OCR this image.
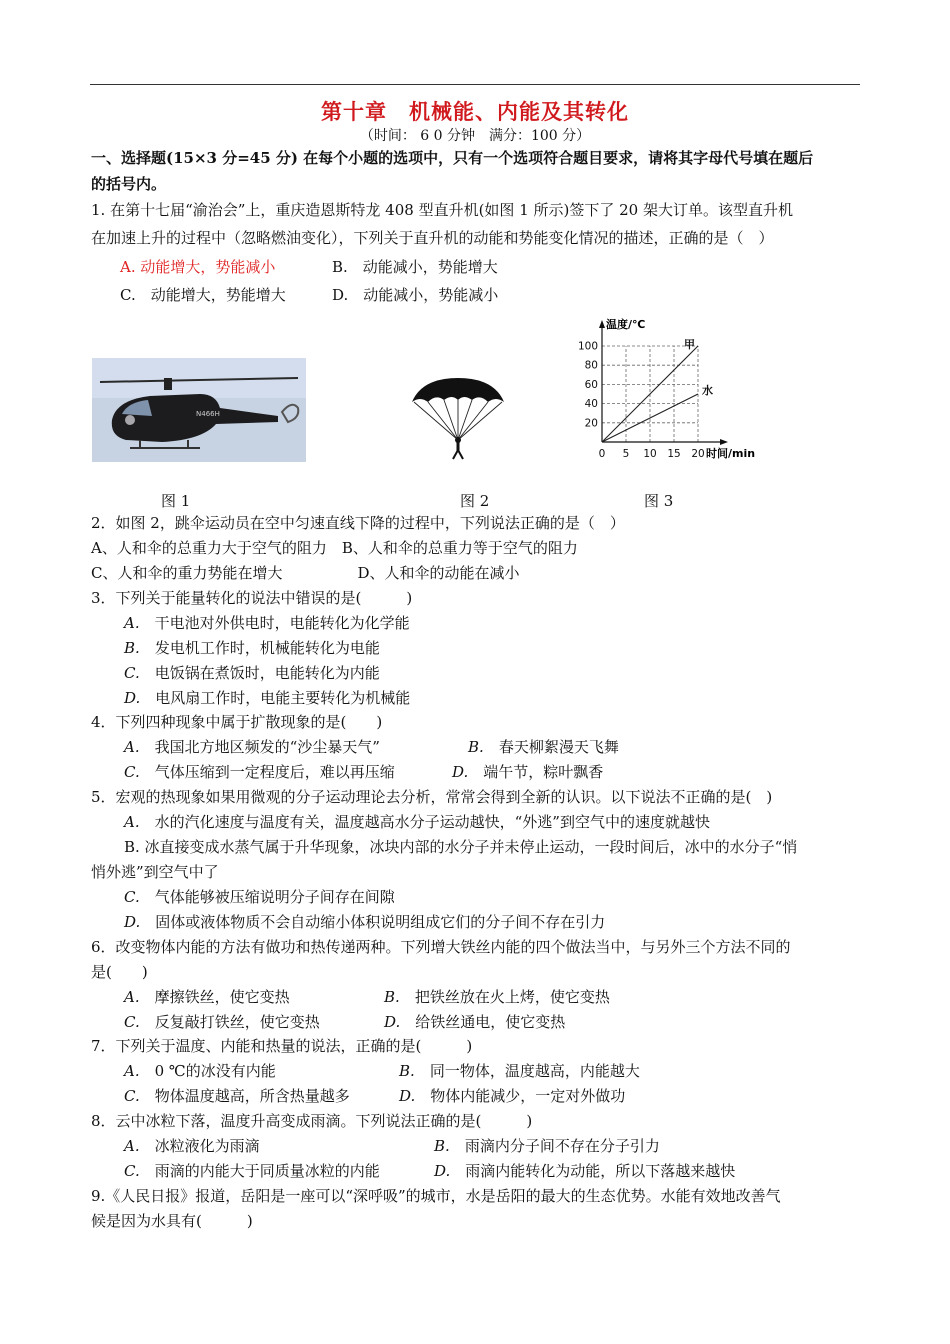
第十章　机械能、内能及其转化
（时间： 6 0 分钟　满分：100 分）
一、选择题(15×3 分=45 分) 在每个小题的选项中，只有一个选项符合题目要求，请将其字母代号填在题后
的括号内。
1. 在第十七届“渝治会”上，重庆造恩斯特龙 408 型直升机(如图 1 所示)签下了 20 架大订单。该型直升机
在加速上升的过程中（忽略燃油变化），下列关于直升机的动能和势能变化情况的描述，正确的是（　）
A. 动能增大，势能减小	B.　动能减小，势能增大
C.　动能增大，势能增大	D.　动能减小，势能减小
N466H
20
40
60
80
100
0 5 10 15 20
甲
水
温度/℃
时间/min
图 1	图 2	图 3
2．如图 2，跳伞运动员在空中匀速直线下降的过程中，下列说法正确的是（　）
A、人和伞的总重力大于空气的阻力　B、人和伞的总重力等于空气的阻力
C、人和伞的重力势能在增大　　　　　D、人和伞的动能在减小
3．下列关于能量转化的说法中错误的是(　　　)
A.　 干电池对外供电时，电能转化为化学能
B.　 发电机工作时，机械能转化为电能
C.　 电饭锅在煮饭时，电能转化为内能
D.　 电风扇工作时，电能主要转化为机械能
4．下列四种现象中属于扩散现象的是(　　)
A.　 我国北方地区频发的“沙尘暴天气”	B.　 春天柳絮漫天飞舞
C.　 气体压缩到一定程度后，难以再压缩	D.　 端午节，粽叶飘香
5．宏观的热现象如果用微观的分子运动理论去分析，常常会得到全新的认识。以下说法不正确的是(　)
A.　 水的汽化速度与温度有关，温度越高水分子运动越快，“外逃”到空气中的速度就越快
B. 冰直接变成水蒸气属于升华现象，冰块内部的水分子并未停止运动，一段时间后，冰中的水分子“悄
悄外逃”到空气中了
C.　 气体能够被压缩说明分子间存在间隙
D.　 固体或液体物质不会自动缩小体积说明组成它们的分子间不存在引力
6．改变物体内能的方法有做功和热传递两种。下列增大铁丝内能的四个做法当中，与另外三个方法不同的
是(　　)
A.　 摩擦铁丝，使它变热	B.　 把铁丝放在火上烤，使它变热
C.　 反复敲打铁丝，使它变热	D.　 给铁丝通电，使它变热
7．下列关于温度、内能和热量的说法，正确的是(　　　)
A.　 0 ℃的冰没有内能	B.　 同一物体，温度越高，内能越大
C.　 物体温度越高，所含热量越多	D.　 物体内能减少，一定对外做功
8．云中冰粒下落，温度升高变成雨滴。下列说法正确的是(　　　)
A.　 冰粒液化为雨滴	B.　 雨滴内分子间不存在分子引力
C.　 雨滴的内能大于同质量冰粒的内能	D.　 雨滴内能转化为动能，所以下落越来越快
9.《人民日报》报道，岳阳是一座可以“深呼吸”的城市，水是岳阳的最大的生态优势。水能有效地改善气
候是因为水具有(　　　)
